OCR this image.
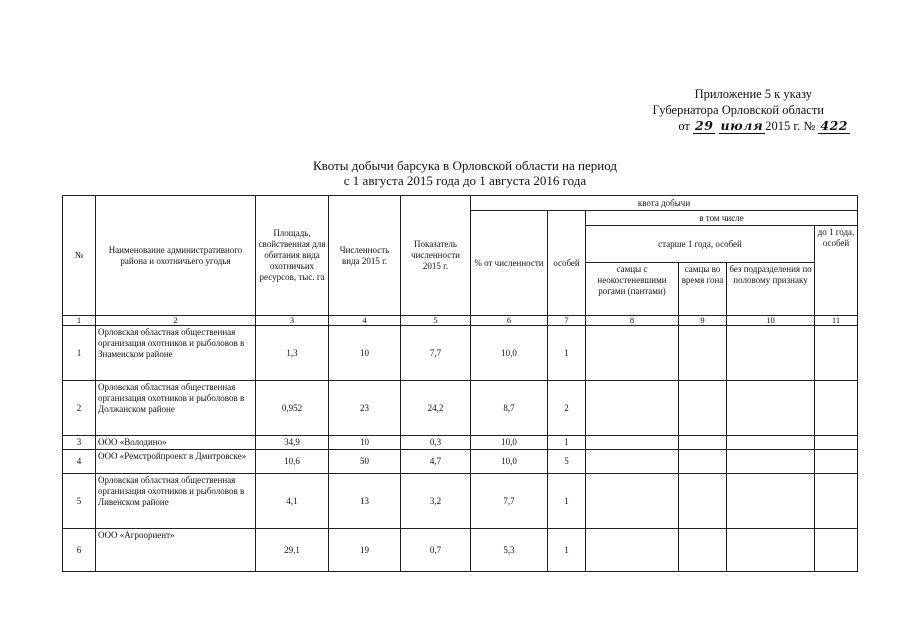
Приложение 5 к указу
Губернатора Орловской области
от 29 июля 2015 г. № 422
Квоты добычи барсука в Орловской области на период
с 1 августа 2015 года до 1 августа 2016 года
№	Наименование административного района и охотничьего угодья	Площадь, свойственная для обитания вида охотничьих ресурсов, тыс. га	Численность вида 2015 г.	Показатель численности 2015 г.	квота добычи					
					% от численности	особей	в том числе			
							старше 1 года, особей			до 1 года, особей
							самцы с неокостеневшими рогами (пантами)	самцы во время гона	без подразделения по половому признаку	
1	2	3	4	5	6	7	8	9	10	11
1	Орловская областная общественная организация охотников и рыболовов в Знаменском районе	1,3	10	7,7	10,0	1				
2	Орловская областная общественная организация охотников и рыболовов в Должанском районе	0,952	23	24,2	8,7	2				
3	ООО «Володино»	34,9	10	0,3	10,0	1				
4	ООО «Ремстройпроект в Дмитровске»	10,6	50	4,7	10,0	5				
5	Орловская областная общественная организация охотников и рыболовов в Ливенском районе	4,1	13	3,2	7,7	1				
6	ООО «Агроориент»	29,1	19	0,7	5,3	1				
